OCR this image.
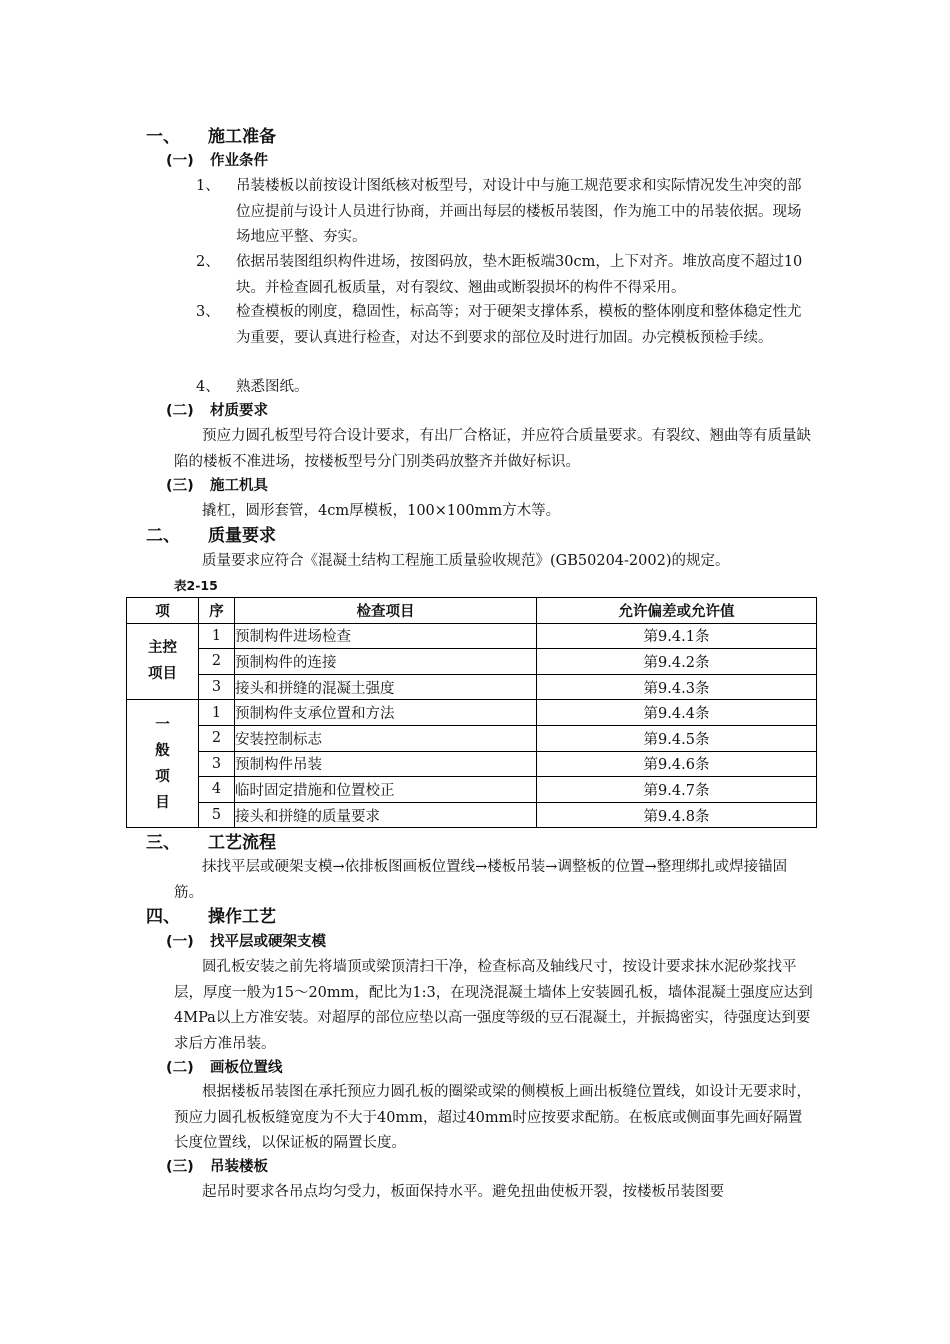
一、 施工准备
(一) 作业条件
1、 吊装楼板以前按设计图纸核对板型号，对设计中与施工规范要求和实际情况发生冲突的部位应提前与设计人员进行协商，并画出每层的楼板吊装图，作为施工中的吊装依据。现场场地应平整、夯实。
2、 依据吊装图组织构件进场，按图码放，垫木距板端30cm，上下对齐。堆放高度不超过10块。并检查圆孔板质量，对有裂纹、翘曲或断裂损坏的构件不得采用。
3、 检查模板的刚度，稳固性，标高等；对于硬架支撑体系，模板的整体刚度和整体稳定性尤为重要，要认真进行检查，对达不到要求的部位及时进行加固。办完模板预检手续。
4、 熟悉图纸。
(二) 材质要求
预应力圆孔板型号符合设计要求，有出厂合格证，并应符合质量要求。有裂纹、翘曲等有质量缺陷的楼板不准进场，按楼板型号分门别类码放整齐并做好标识。
(三) 施工机具
撬杠，圆形套管，4cm厚模板，100×100mm方木等。
二、 质量要求
质量要求应符合《混凝土结构工程施工质量验收规范》(GB50204-2002)的规定。
表2-15
项	序	检查项目	允许偏差或允许值

主控项目	1	预制构件进场检查	第9.4.1条
	2	预制构件的连接	第9.4.2条
	3	接头和拼缝的混凝土强度	第9.4.3条

一般项目	1	预制构件支承位置和方法	第9.4.4条
	2	安装控制标志	第9.4.5条
	3	预制构件吊装	第9.4.6条
	4	临时固定措施和位置校正	第9.4.7条
	5	接头和拼缝的质量要求	第9.4.8条
三、 工艺流程
抹找平层或硬架支模→依排板图画板位置线→楼板吊装→调整板的位置→整理绑扎或焊接锚固筋。
四、 操作工艺
(一) 找平层或硬架支模
圆孔板安装之前先将墙顶或梁顶清扫干净，检查标高及轴线尺寸，按设计要求抹水泥砂浆找平层，厚度一般为15～20mm，配比为1:3，在现浇混凝土墙体上安装圆孔板，墙体混凝土强度应达到4MPa以上方准安装。对超厚的部位应垫以高一强度等级的豆石混凝土，并振捣密实，待强度达到要求后方准吊装。
(二) 画板位置线
根据楼板吊装图在承托预应力圆孔板的圈梁或梁的侧模板上画出板缝位置线，如设计无要求时，预应力圆孔板板缝宽度为不大于40mm，超过40mm时应按要求配筋。在板底或侧面事先画好隔置长度位置线，以保证板的隔置长度。
(三) 吊装楼板
起吊时要求各吊点均匀受力，板面保持水平。避免扭曲使板开裂，按楼板吊装图要
